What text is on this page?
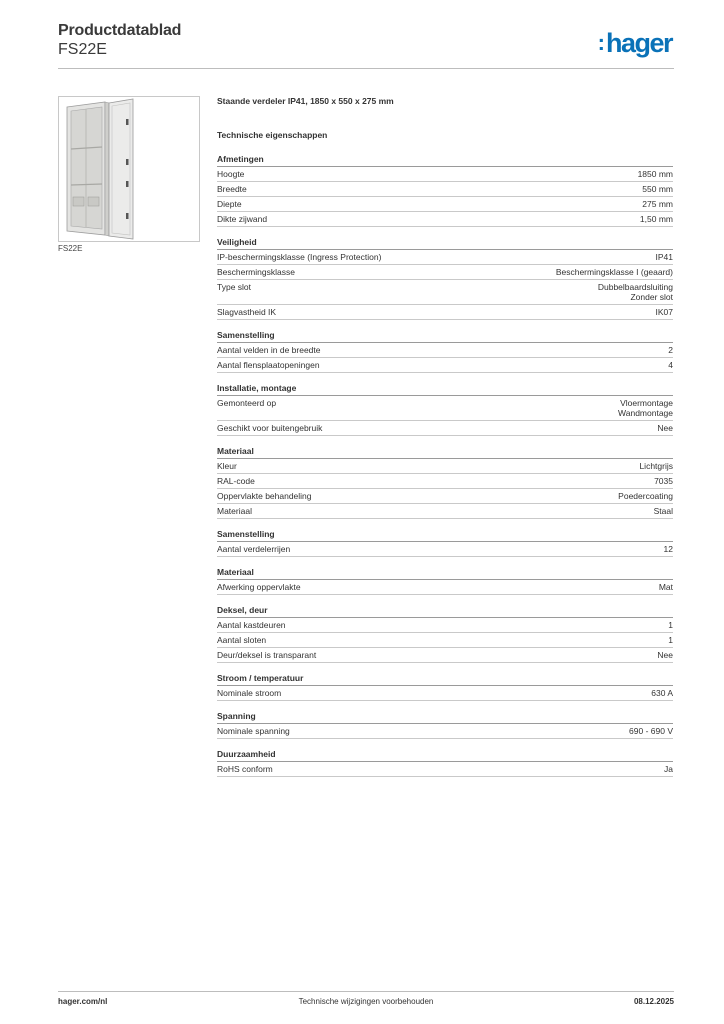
Productdatablad
FS22E	:hager
FS22E
Staande verdeler IP41, 1850 x 550 x 275 mm
Technische eigenschappen
Afmetingen
Hoogte	1850 mm
Breedte	550 mm
Diepte	275 mm
Dikte zijwand	1,50 mm
Veiligheid
IP-beschermingsklasse (Ingress Protection)	IP41
Beschermingsklasse	Beschermingsklasse I (geaard)
Type slot	Dubbelbaardsluiting
Zonder slot
Slagvastheid IK	IK07
Samenstelling
Aantal velden in de breedte	2
Aantal flensplaatopeningen	4
Installatie, montage
Gemonteerd op	Vloermontage
Wandmontage
Geschikt voor buitengebruik	Nee
Materiaal
Kleur	Lichtgrijs
RAL-code	7035
Oppervlakte behandeling	Poedercoating
Materiaal	Staal
Samenstelling
Aantal verdelerrijen	12
Materiaal
Afwerking oppervlakte	Mat
Deksel, deur
Aantal kastdeuren	1
Aantal sloten	1
Deur/deksel is transparant	Nee
Stroom / temperatuur
Nominale stroom	630 A
Spanning
Nominale spanning	690 - 690 V
Duurzaamheid
RoHS conform	Ja
hager.com/nl	Technische wijzigingen voorbehouden	08.12.2025
